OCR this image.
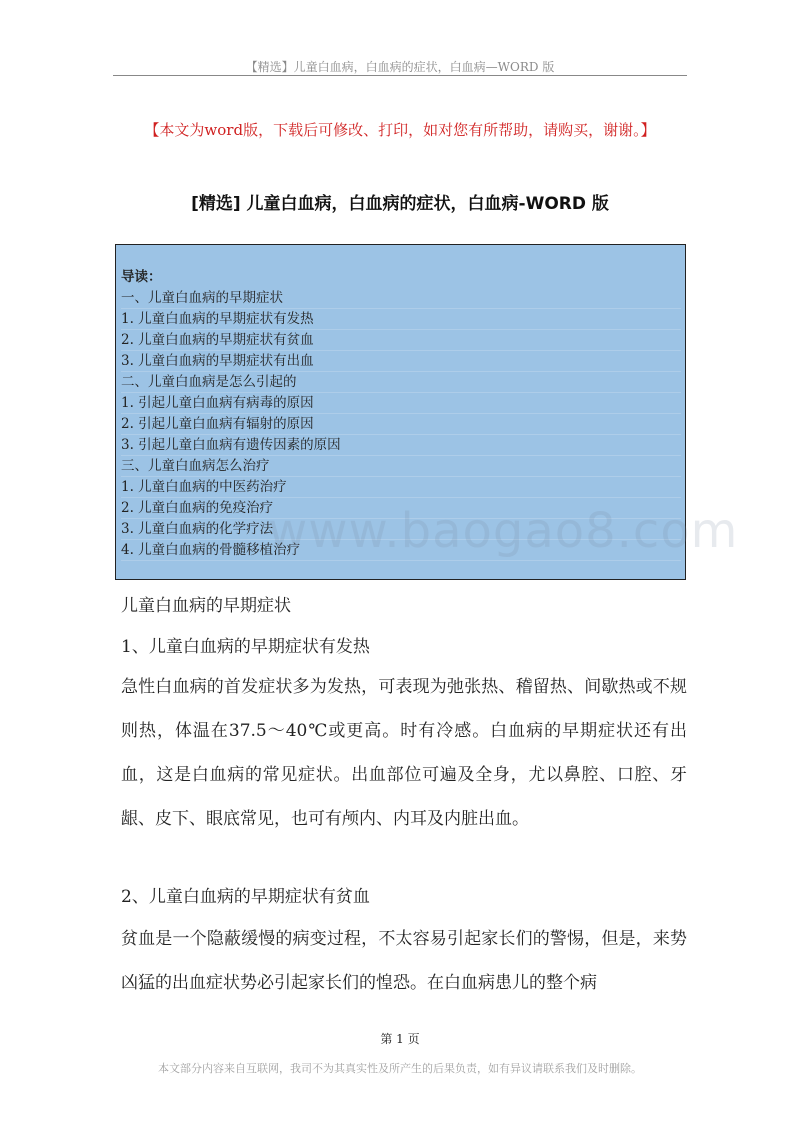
【精选】儿童白血病，白血病的症状，白血病—WORD 版
【本文为word版，下载后可修改、打印，如对您有所帮助，请购买，谢谢。】
[精选] 儿童白血病，白血病的症状，白血病-WORD 版
导读：
一、儿童白血病的早期症状
1. 儿童白血病的早期症状有发热
2. 儿童白血病的早期症状有贫血
3. 儿童白血病的早期症状有出血
二、儿童白血病是怎么引起的
1. 引起儿童白血病有病毒的原因
2. 引起儿童白血病有辐射的原因
3. 引起儿童白血病有遗传因素的原因
三、儿童白血病怎么治疗
1. 儿童白血病的中医药治疗
2. 儿童白血病的免疫治疗
3. 儿童白血病的化学疗法
4. 儿童白血病的骨髓移植治疗
www.baogao8.com
儿童白血病的早期症状
1、儿童白血病的早期症状有发热
急性白血病的首发症状多为发热，可表现为弛张热、稽留热、间歇热或不规则热，体温在37.5～40℃或更高。时有冷感。白血病的早期症状还有出血，这是白血病的常见症状。出血部位可遍及全身，尤以鼻腔、口腔、牙龈、皮下、眼底常见，也可有颅内、内耳及内脏出血。
2、儿童白血病的早期症状有贫血
贫血是一个隐蔽缓慢的病变过程，不太容易引起家长们的警惕，但是，来势凶猛的出血症状势必引起家长们的惶恐。在白血病患儿的整个病
第 1 页
本文部分内容来自互联网，我司不为其真实性及所产生的后果负责，如有异议请联系我们及时删除。
